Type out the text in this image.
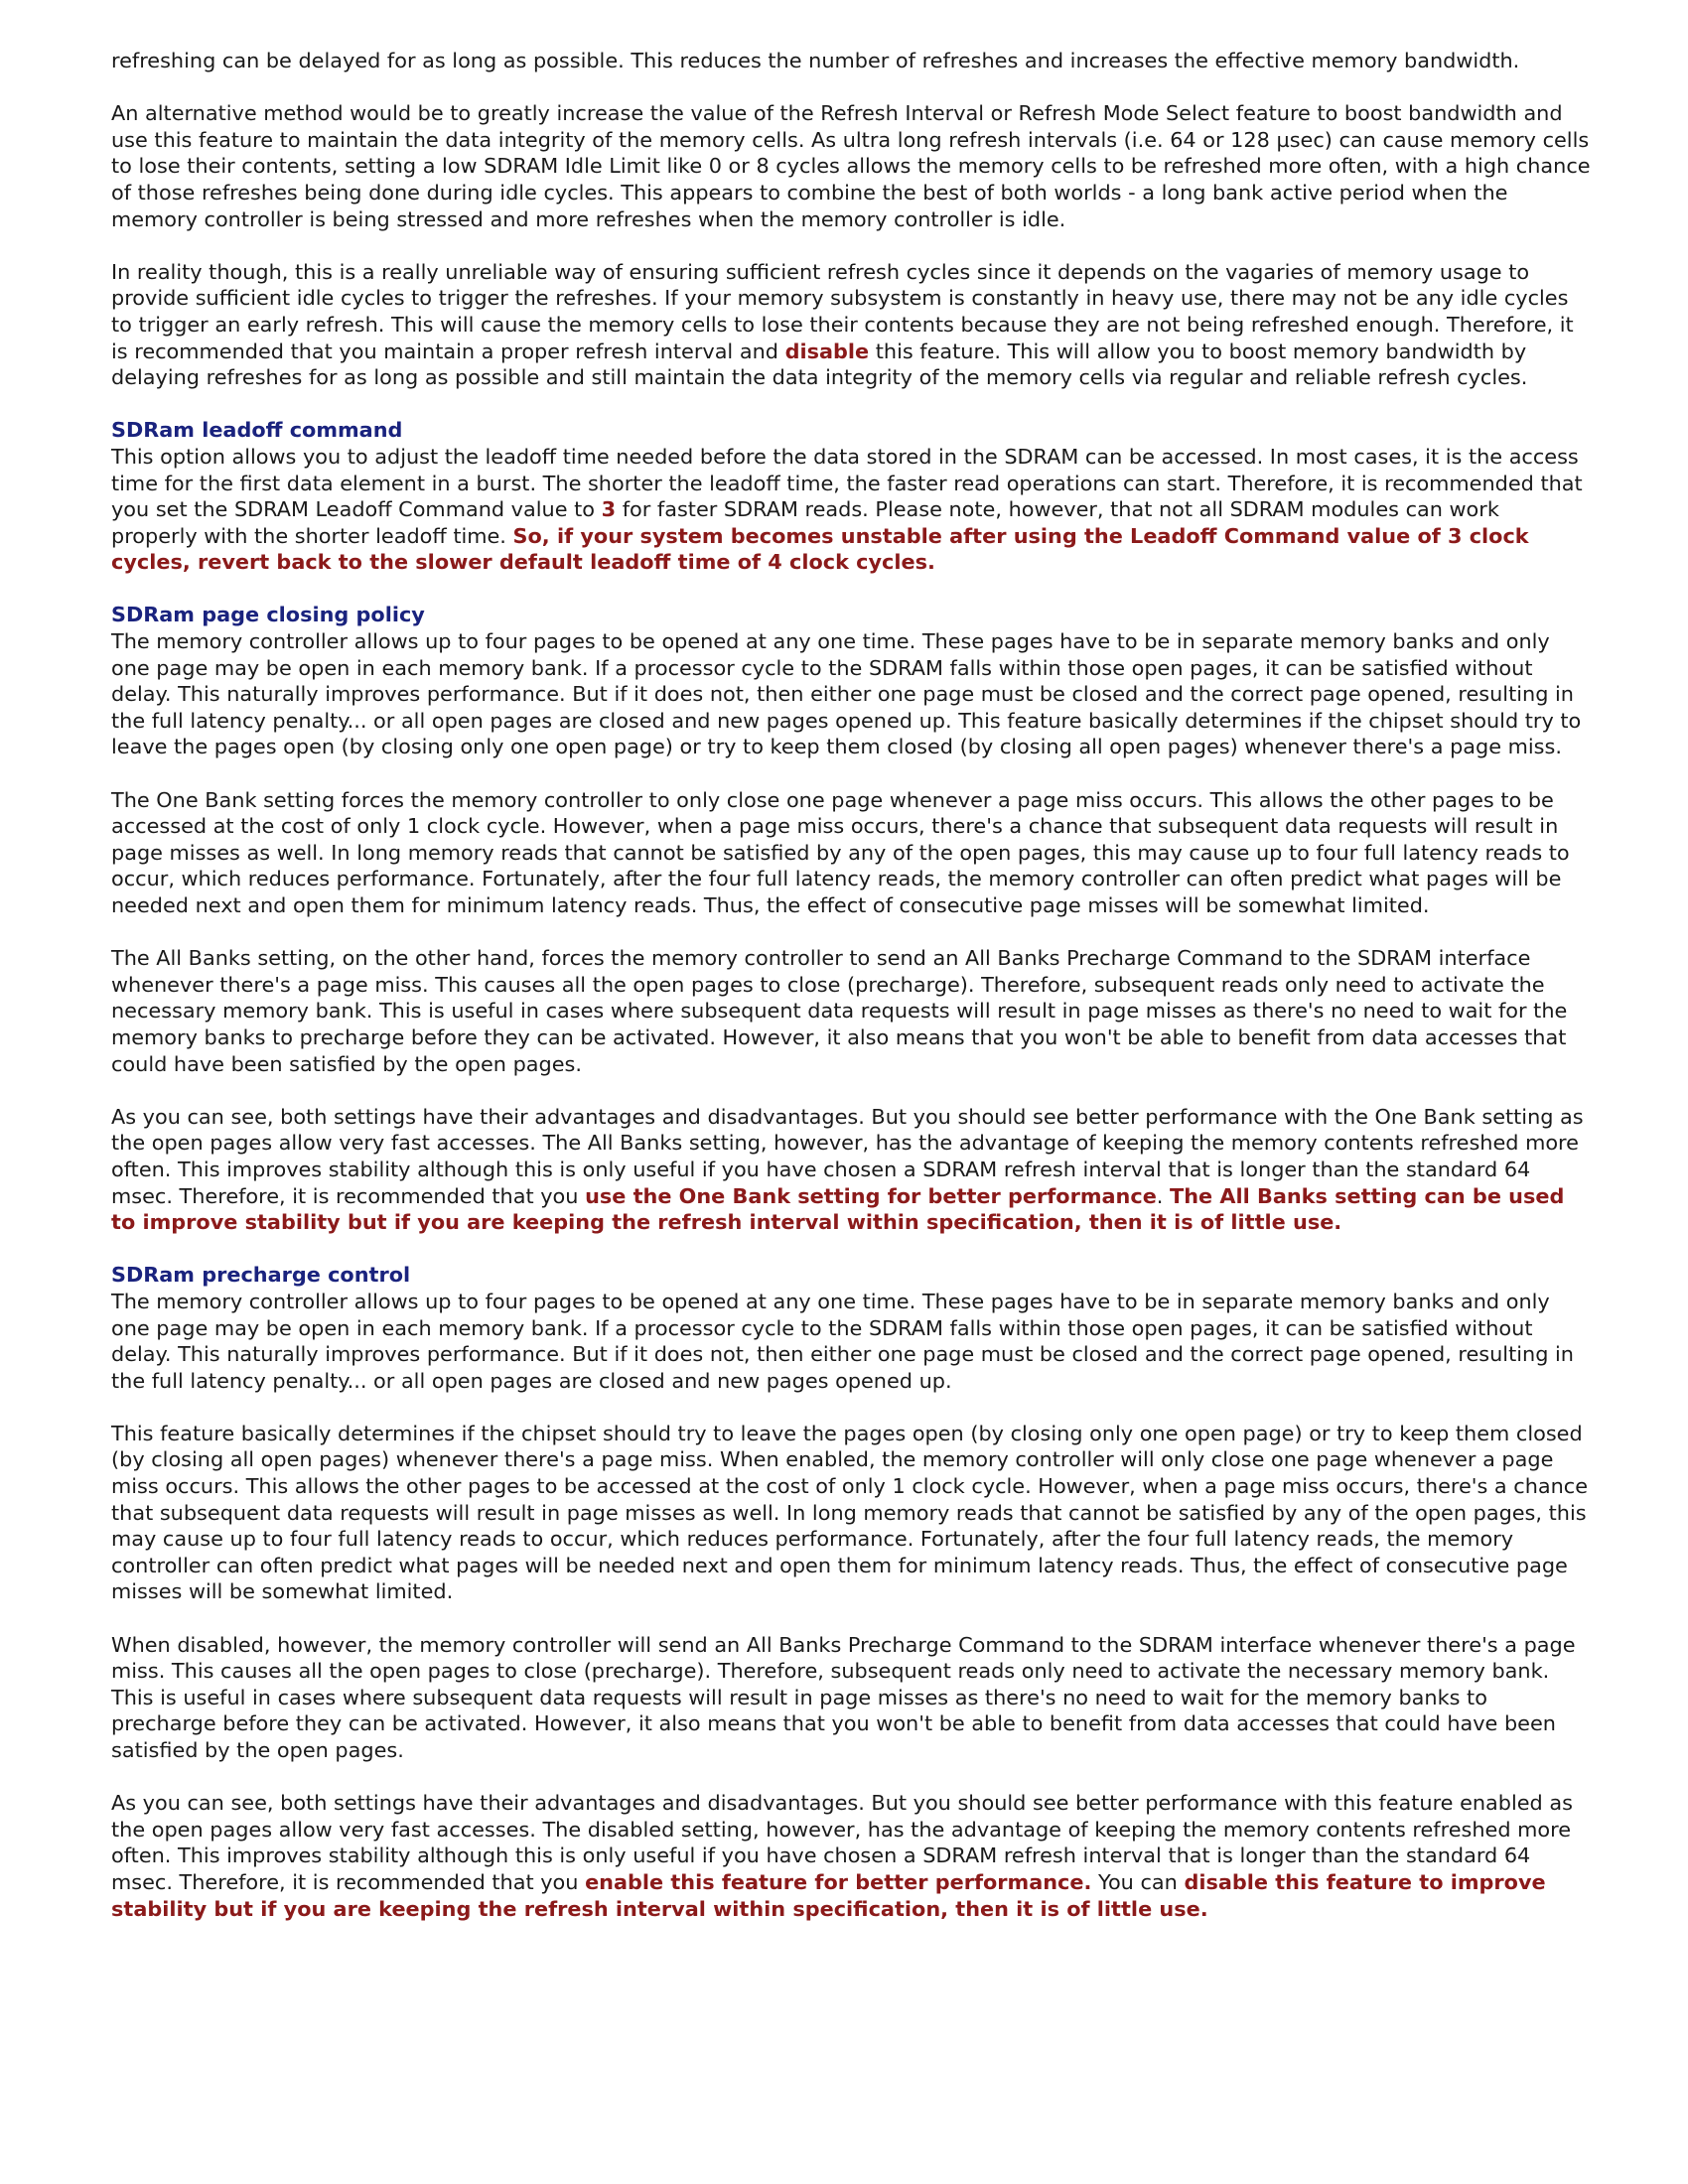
refreshing can be delayed for as long as possible. This reduces the number of refreshes and increases the effective memory bandwidth.

An alternative method would be to greatly increase the value of the Refresh Interval or Refresh Mode Select feature to boost bandwidth and use this feature to maintain the data integrity of the memory cells. As ultra long refresh intervals (i.e. 64 or 128 µsec) can cause memory cells to lose their contents, setting a low SDRAM Idle Limit like 0 or 8 cycles allows the memory cells to be refreshed more often, with a high chance of those refreshes being done during idle cycles. This appears to combine the best of both worlds - a long bank active period when the memory controller is being stressed and more refreshes when the memory controller is idle.

In reality though, this is a really unreliable way of ensuring sufficient refresh cycles since it depends on the vagaries of memory usage to provide sufficient idle cycles to trigger the refreshes. If your memory subsystem is constantly in heavy use, there may not be any idle cycles to trigger an early refresh. This will cause the memory cells to lose their contents because they are not being refreshed enough. Therefore, it is recommended that you maintain a proper refresh interval and disable this feature. This will allow you to boost memory bandwidth by delaying refreshes for as long as possible and still maintain the data integrity of the memory cells via regular and reliable refresh cycles.

SDRam leadoff command

This option allows you to adjust the leadoff time needed before the data stored in the SDRAM can be accessed. In most cases, it is the access time for the first data element in a burst. The shorter the leadoff time, the faster read operations can start. Therefore, it is recommended that you set the SDRAM Leadoff Command value to 3 for faster SDRAM reads. Please note, however, that not all SDRAM modules can work properly with the shorter leadoff time. So, if your system becomes unstable after using the Leadoff Command value of 3 clock cycles, revert back to the slower default leadoff time of 4 clock cycles.

SDRam page closing policy

The memory controller allows up to four pages to be opened at any one time. These pages have to be in separate memory banks and only one page may be open in each memory bank. If a processor cycle to the SDRAM falls within those open pages, it can be satisfied without delay. This naturally improves performance. But if it does not, then either one page must be closed and the correct page opened, resulting in the full latency penalty... or all open pages are closed and new pages opened up. This feature basically determines if the chipset should try to leave the pages open (by closing only one open page) or try to keep them closed (by closing all open pages) whenever there's a page miss.

The One Bank setting forces the memory controller to only close one page whenever a page miss occurs. This allows the other pages to be accessed at the cost of only 1 clock cycle. However, when a page miss occurs, there's a chance that subsequent data requests will result in page misses as well. In long memory reads that cannot be satisfied by any of the open pages, this may cause up to four full latency reads to occur, which reduces performance. Fortunately, after the four full latency reads, the memory controller can often predict what pages will be needed next and open them for minimum latency reads. Thus, the effect of consecutive page misses will be somewhat limited.

The All Banks setting, on the other hand, forces the memory controller to send an All Banks Precharge Command to the SDRAM interface whenever there's a page miss. This causes all the open pages to close (precharge). Therefore, subsequent reads only need to activate the necessary memory bank. This is useful in cases where subsequent data requests will result in page misses as there's no need to wait for the memory banks to precharge before they can be activated. However, it also means that you won't be able to benefit from data accesses that could have been satisfied by the open pages.

As you can see, both settings have their advantages and disadvantages. But you should see better performance with the One Bank setting as the open pages allow very fast accesses. The All Banks setting, however, has the advantage of keeping the memory contents refreshed more often. This improves stability although this is only useful if you have chosen a SDRAM refresh interval that is longer than the standard 64 msec. Therefore, it is recommended that you use the One Bank setting for better performance. The All Banks setting can be used to improve stability but if you are keeping the refresh interval within specification, then it is of little use.

SDRam precharge control

The memory controller allows up to four pages to be opened at any one time. These pages have to be in separate memory banks and only one page may be open in each memory bank. If a processor cycle to the SDRAM falls within those open pages, it can be satisfied without delay. This naturally improves performance. But if it does not, then either one page must be closed and the correct page opened, resulting in the full latency penalty... or all open pages are closed and new pages opened up.

This feature basically determines if the chipset should try to leave the pages open (by closing only one open page) or try to keep them closed (by closing all open pages) whenever there's a page miss. When enabled, the memory controller will only close one page whenever a page miss occurs. This allows the other pages to be accessed at the cost of only 1 clock cycle. However, when a page miss occurs, there's a chance that subsequent data requests will result in page misses as well. In long memory reads that cannot be satisfied by any of the open pages, this may cause up to four full latency reads to occur, which reduces performance. Fortunately, after the four full latency reads, the memory controller can often predict what pages will be needed next and open them for minimum latency reads. Thus, the effect of consecutive page misses will be somewhat limited.

When disabled, however, the memory controller will send an All Banks Precharge Command to the SDRAM interface whenever there's a page miss. This causes all the open pages to close (precharge). Therefore, subsequent reads only need to activate the necessary memory bank. This is useful in cases where subsequent data requests will result in page misses as there's no need to wait for the memory banks to precharge before they can be activated. However, it also means that you won't be able to benefit from data accesses that could have been satisfied by the open pages.

As you can see, both settings have their advantages and disadvantages. But you should see better performance with this feature enabled as the open pages allow very fast accesses. The disabled setting, however, has the advantage of keeping the memory contents refreshed more often. This improves stability although this is only useful if you have chosen a SDRAM refresh interval that is longer than the standard 64 msec. Therefore, it is recommended that you enable this feature for better performance. You can disable this feature to improve stability but if you are keeping the refresh interval within specification, then it is of little use.
